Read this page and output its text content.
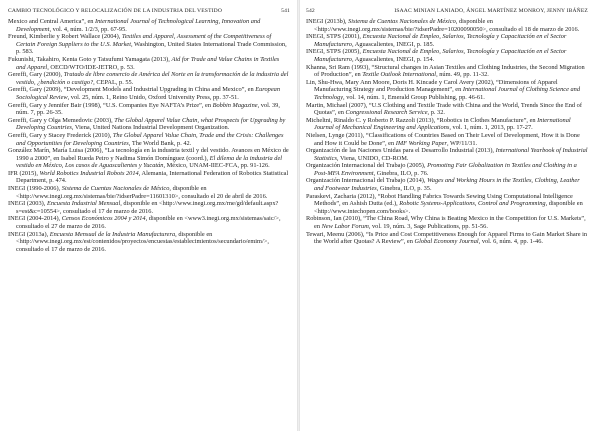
CAMBIO TECNOLÓGICO Y RELOCALIZACIÓN DE LA INDUSTRIA DEL VESTIDO	541

Mexico and Central America”, en International Journal of Technological Learning, Innovation and Development, vol. 4, núm. 1/2/3, pp. 67-95.

Freund, Kimberlie y Robert Wallace (2004), Textiles and Apparel, Assessment of the Competitiveness of Certain Foreign Suppliers to the U.S. Market, Washington, United States International Trade Commission, p. 583.

Fukunishi, Takahiro, Kenta Goto y Tatsufumi Yamagata (2013), Aid for Trade and Value Chains in Textiles and Apparel, OECD/WTO/IDE-JETRO, p. 53.

Gereffi, Gary (2000), Tratado de libre comercio de América del Norte en la transformación de la industria del vestido, ¿bendición o castigo?, CEPAL, p. 55.

Gereffi, Gary (2009), “Development Models and Industrial Upgrading in China and Mexico”, en European Sociological Review, vol. 25, núm. 1, Reino Unido, Oxford University Press, pp. 37-51.

Gereffi, Gary y Jennifer Bair (1998), “U.S. Companies Eye NAFTA’s Prize”, en Bobbin Magazine, vol. 39, núm. 7, pp. 26-35.

Gereffi, Gary y Olga Memedovic (2003), The Global Apparel Value Chain, what Prospects for Upgrading by Developing Countries, Viena, United Nations Industrial Development Organization.

Gereffi, Gary y Stacey Frederick (2010), The Global Apparel Value Chain, Trade and the Crisis: Challenges and Opportunities for Developing Countries, The World Bank, p. 42.

González Marín, María Luisa (2006), “La tecnología en la industria textil y del vestido. Avances en México de 1990 a 2000”, en Isabel Rueda Peiro y Nadima Simón Domínguez (coord.), El dilema de la industria del vestido en México, Los casos de Aguascalientes y Yucatán, México, UNAM-IIEC-FCA, pp. 91-126.

IFR (2015), World Robotics Industrial Robots 2014, Alemania, International Federation of Robotics Statistical Department, p. 474.

INEGI (1990-2006), Sistema de Cuentas Nacionales de México, disponible en <http://www.inegi.org.mx/sistemas/bie/?idserPadre=11601310>, consultado el 20 de abril de 2016.

INEGI (2003), Encuesta Industrial Mensual, disponible en <http://www.inegi.org.mx/rne/gd/default.aspx?s=est&c=10554>, consultado el 17 de marzo de 2016.

INEGI (2004-2014), Censos Económicos 2004 y 2014, disponible en <www3.inegi.org.mx/sistemas/saic/>, consultado el 27 de marzo de 2016.

INEGI (2013a), Encuesta Mensual de la Industria Manufacturera, disponible en <http://www.inegi.org.mx/est/contenidos/proyectos/encuestas/establecimientos/secundario/emim/>, consultado el 17 de marzo de 2016.

542	ISAAC MINIAN LANIADO, ÁNGEL MARTÍNEZ MONROY, JENNY IBÁÑEZ

INEGI (2013b), Sistema de Cuentas Nacionales de México, disponible en <http://www.inegi.org.mx/sistemas/bie/?idserPadre=10200090050>, consultado el 18 de marzo de 2016.

INEGI, STPS (2001), Encuesta Nacional de Empleo, Salarios, Tecnología y Capacitación en el Sector Manufacturero, Aguascalientes, INEGI, p. 185.

INEGI, STPS (2005), Encuesta Nacional de Empleo, Salarios, Tecnología y Capacitación en el Sector Manufacturero, Aguascalientes, INEGI, p. 154.

Khanna, Sri Ram (1993), “Structural changes in Asian Textiles and Clothing Industries, the Second Migration of Production”, en Textile Outlook International, núm. 49, pp. 11-32.

Lin, Shu-Hwa, Mary Ann Moore, Doris H. Kincade y Carol Avery (2002), “Dimensions of Apparel Manufacturing Strategy and Production Management”, en International Journal of Clothing Science and Technology, vol. 14, núm. 1, Emerald Group Publishing, pp. 46-61.

Martin, Michael (2007), “U.S Clothing and Textile Trade with China and the World, Trends Since the End of Quotas”, en Congressional Research Service, p. 32.

Micheltni, Rinaldo C. y Roberto P. Razzoli (2013), “Robotics in Clothes Manufacture”, en International Journal of Mechanical Engineering and Applications, vol. 1, núm. 1, 2013, pp. 17-27.

Nielsen, Lynge (2011), “Classifications of Countries Based on Their Level of Development, How it is Done and How it Could be Done”, en IMF Working Paper, WP/11/31.

Organización de las Naciones Unidas para el Desarrollo Industrial (2013), International Yearbook of Industrial Statistics, Viena, UNIDO, CD-ROM.

Organización Internacional del Trabajo (2005), Promoting Fair Globalization in Textiles and Clothing in a Post-MFA Environment, Ginebra, ILO, p. 76.

Organización Internacional del Trabajo (2014), Wages and Working Hours in the Textiles, Clothing, Leather and Footwear Industries, Ginebra, ILO, p. 35.

Paraskevi, Zacharia (2012), “Robot Handling Fabrics Towards Sewing Using Computational Intelligence Methods”, en Ashish Dutta (ed.), Robotic Systems-Applications, Control and Programming, disponible en <http://www.intechopen.com/books>.

Robinson, Ian (2010), “The China Road, Why China is Beating Mexico in the Competition for U.S. Markets”, en New Labor Forum, vol. 19, núm. 3, Sage Publications, pp. 51-56.

Tewari, Meenu (2006), “Is Price and Cost Competitiveness Enough for Apparel Firms to Gain Market Share in the World after Quotas? A Review”, en Global Economy Journal, vol. 6, núm. 4, pp. 1-46.
